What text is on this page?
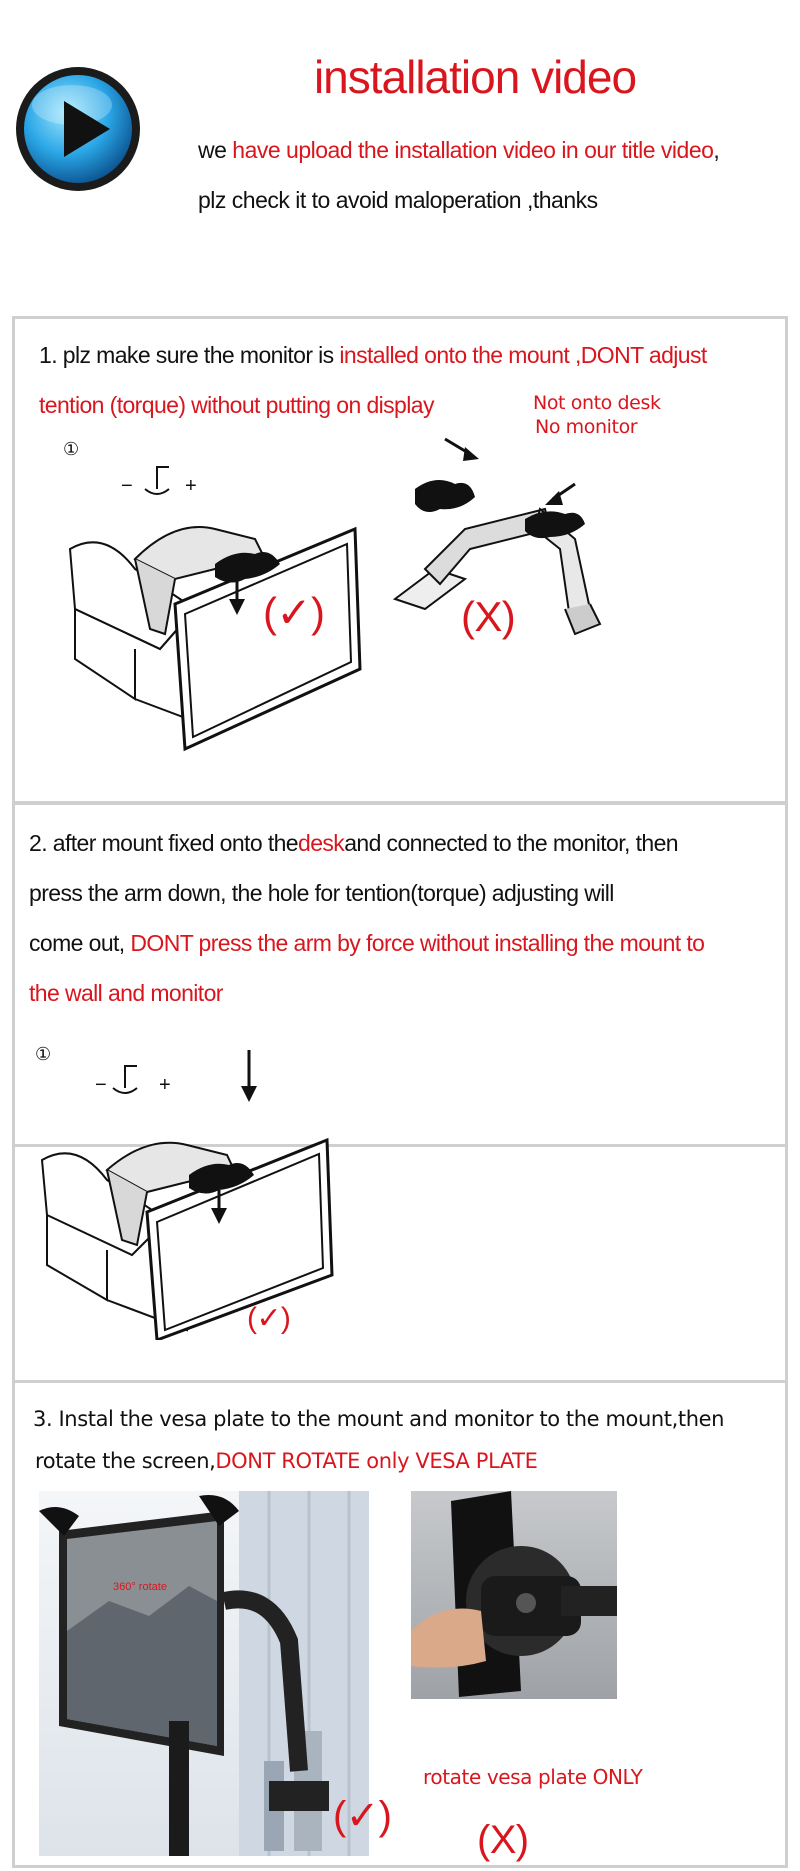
installation video
we have upload the installation video in our title video,
plz check it to avoid maloperation ,thanks
1. plz make sure the monitor is installed onto the mount ,DONT adjust
tention (torque) without putting on display
①
−	+
Not onto desk
No monitor
(✓)	(X)
2. after mount fixed onto thedeskand connected to the monitor, then
press the arm down, the hole for tention(torque) adjusting will
come out, DONT press the arm by force without installing the mount to
the wall and monitor
①
−	+
(✓)
3. Instal the vesa plate to the mount and monitor to the mount,then
rotate the screen,DONT ROTATE only VESA PLATE
360° rotate
rotate vesa plate ONLY
(✓)
(X)
